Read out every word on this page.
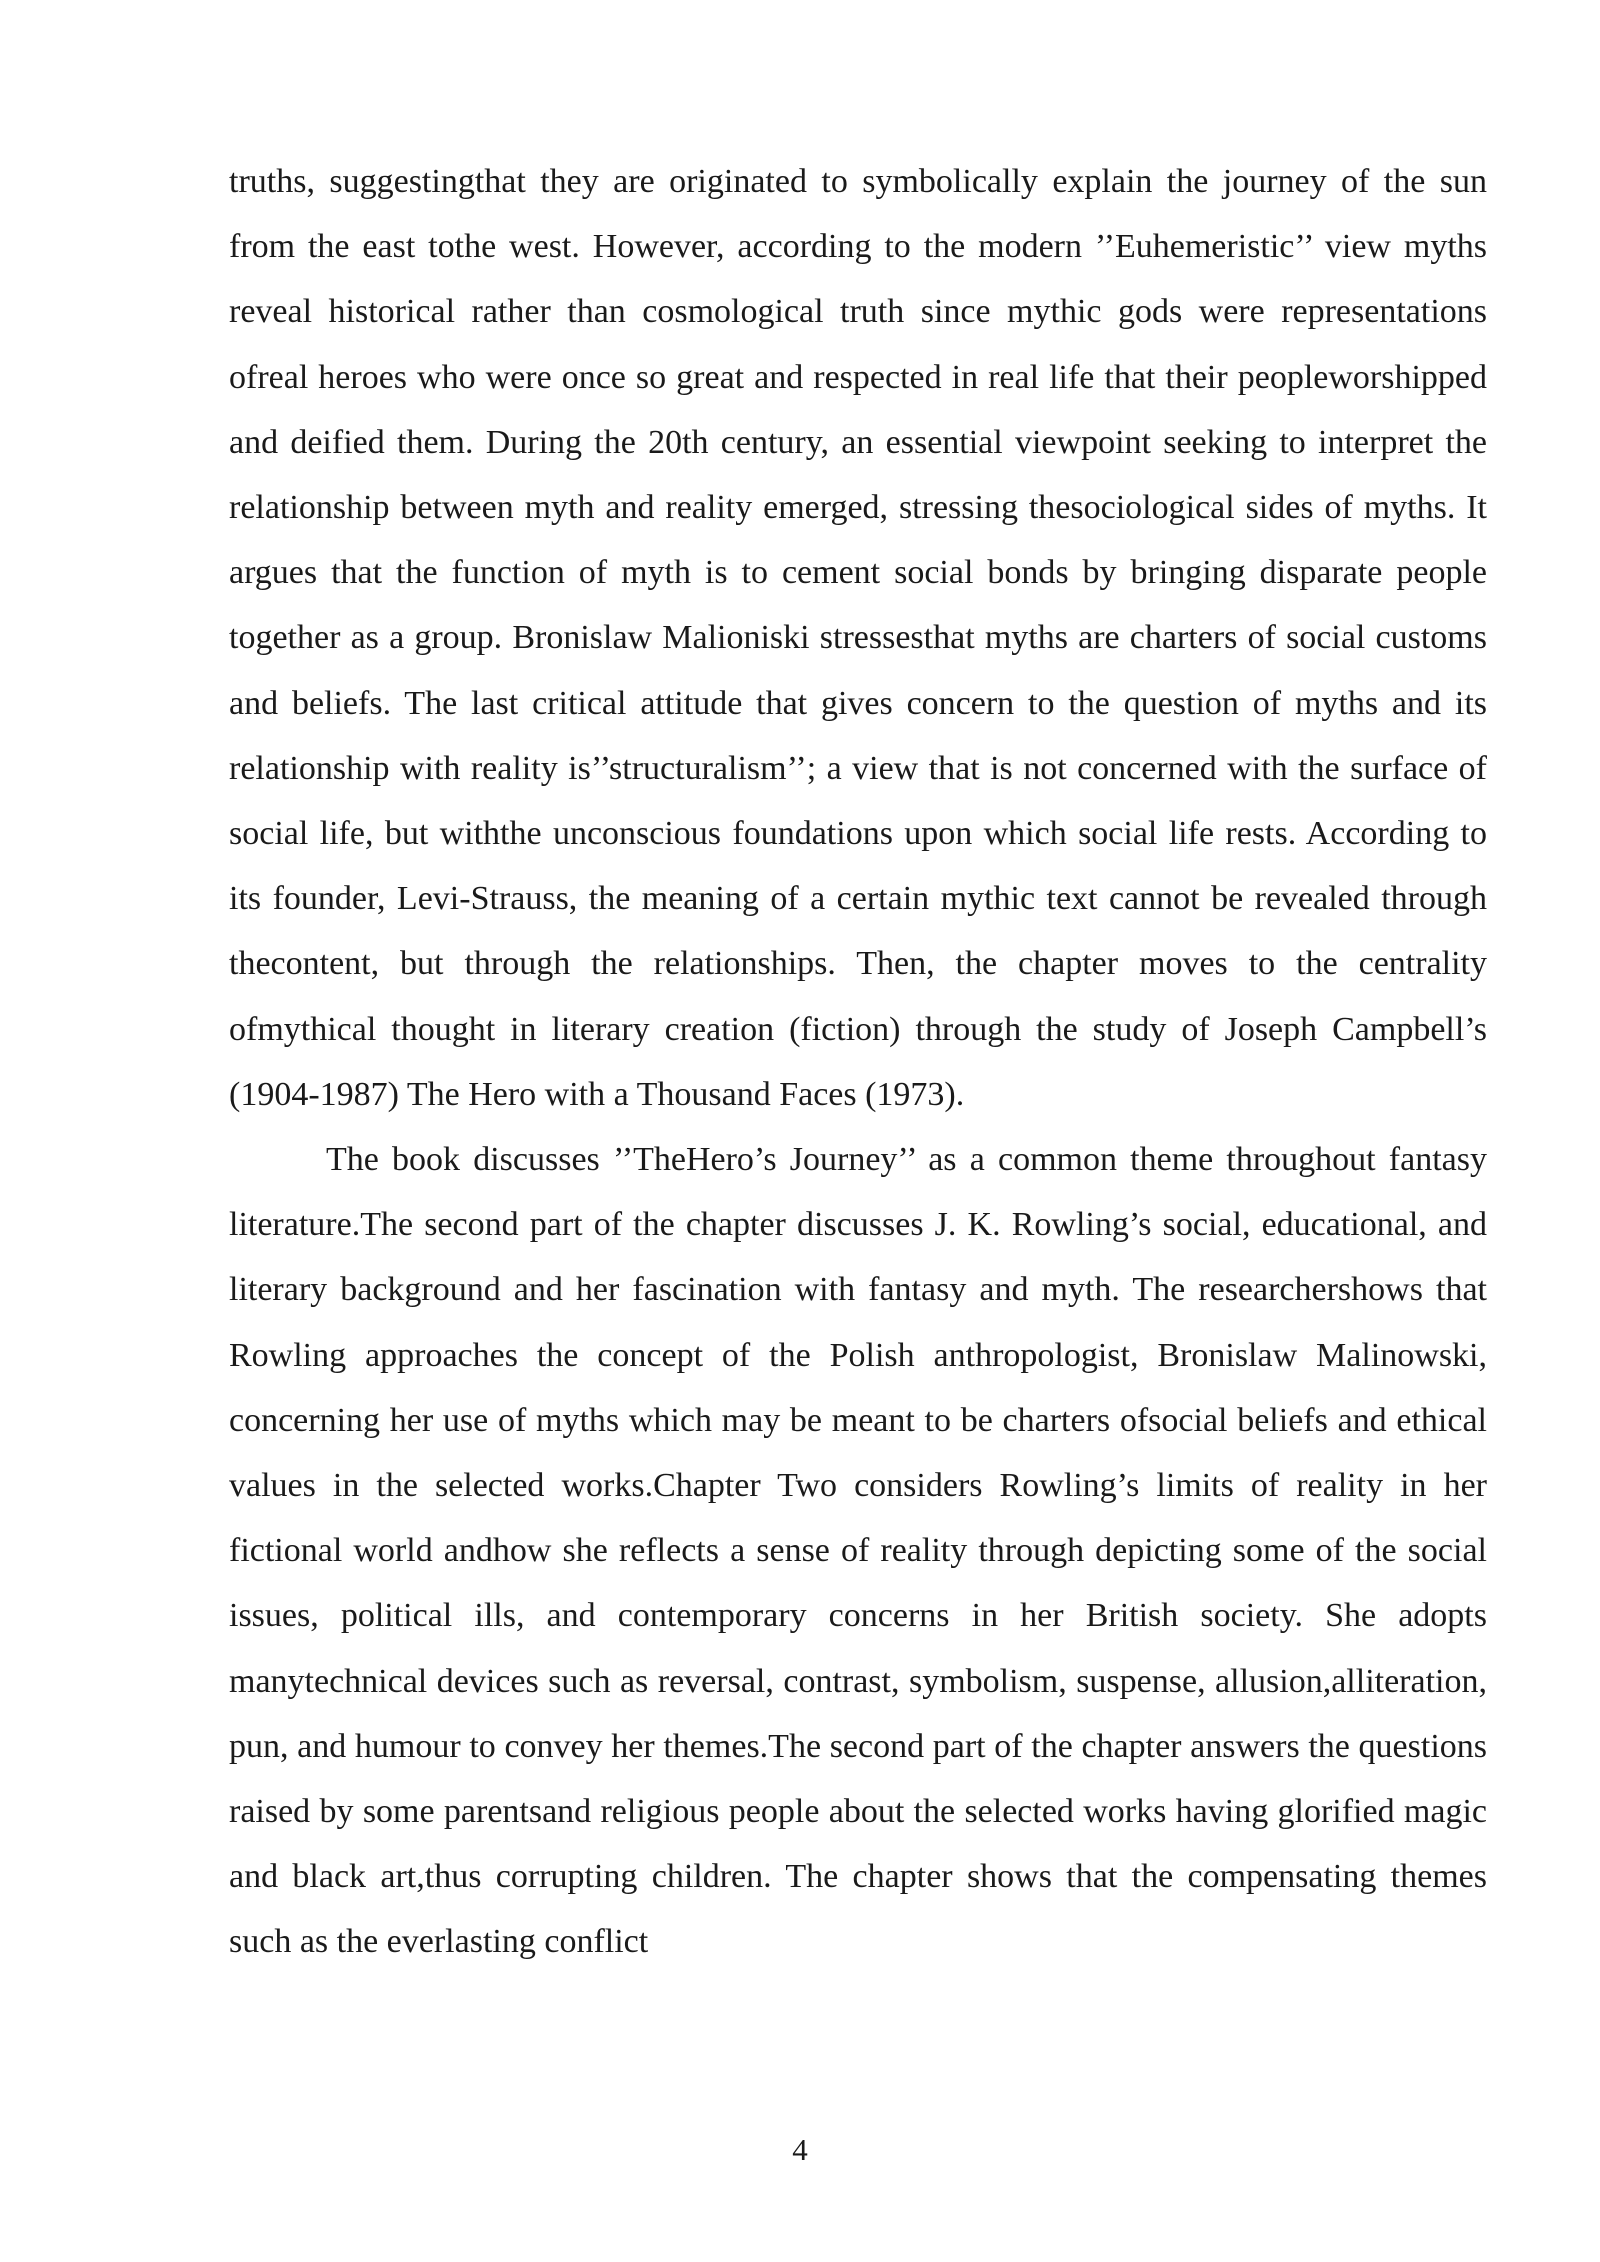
truths, suggestingthat they are originated to symbolically explain the journey of the sun from the east tothe west. However, according to the modern ’’Euhemeristic’’ view myths reveal historical rather than cosmological truth since mythic gods were representations ofreal heroes who were once so great and respected in real life that their peopleworshipped and deified them. During the 20th century, an essential viewpoint seeking to interpret the relationship between myth and reality emerged, stressing thesociological sides of myths. It argues that the function of myth is to cement social bonds by bringing disparate people together as a group. Bronislaw Malioniski stressesthat myths are charters of social customs and beliefs. The last critical attitude that gives concern to the question of myths and its relationship with reality is’’structuralism’’; a view that is not concerned with the surface of social life, but withthe unconscious foundations upon which social life rests. According to its founder, Levi-Strauss, the meaning of a certain mythic text cannot be revealed through thecontent, but through the relationships. Then, the chapter moves to the centrality ofmythical thought in literary creation (fiction) through the study of Joseph Campbell’s (1904-1987) The Hero with a Thousand Faces (1973).

The book discusses ’’TheHero’s Journey’’ as a common theme throughout fantasy literature.The second part of the chapter discusses J. K. Rowling’s social, educational, and literary background and her fascination with fantasy and myth. The researchershows that Rowling approaches the concept of the Polish anthropologist, Bronislaw Malinowski, concerning her use of myths which may be meant to be charters ofsocial beliefs and ethical values in the selected works.Chapter Two considers Rowling’s limits of reality in her fictional world andhow she reflects a sense of reality through depicting some of the social issues, political ills, and contemporary concerns in her British society. She adopts manytechnical devices such as reversal, contrast, symbolism, suspense, allusion,alliteration, pun, and humour to convey her themes.The second part of the chapter answers the questions raised by some parentsand religious people about the selected works having glorified magic and black art,thus corrupting children. The chapter shows that the compensating themes such as the everlasting conflict

4
